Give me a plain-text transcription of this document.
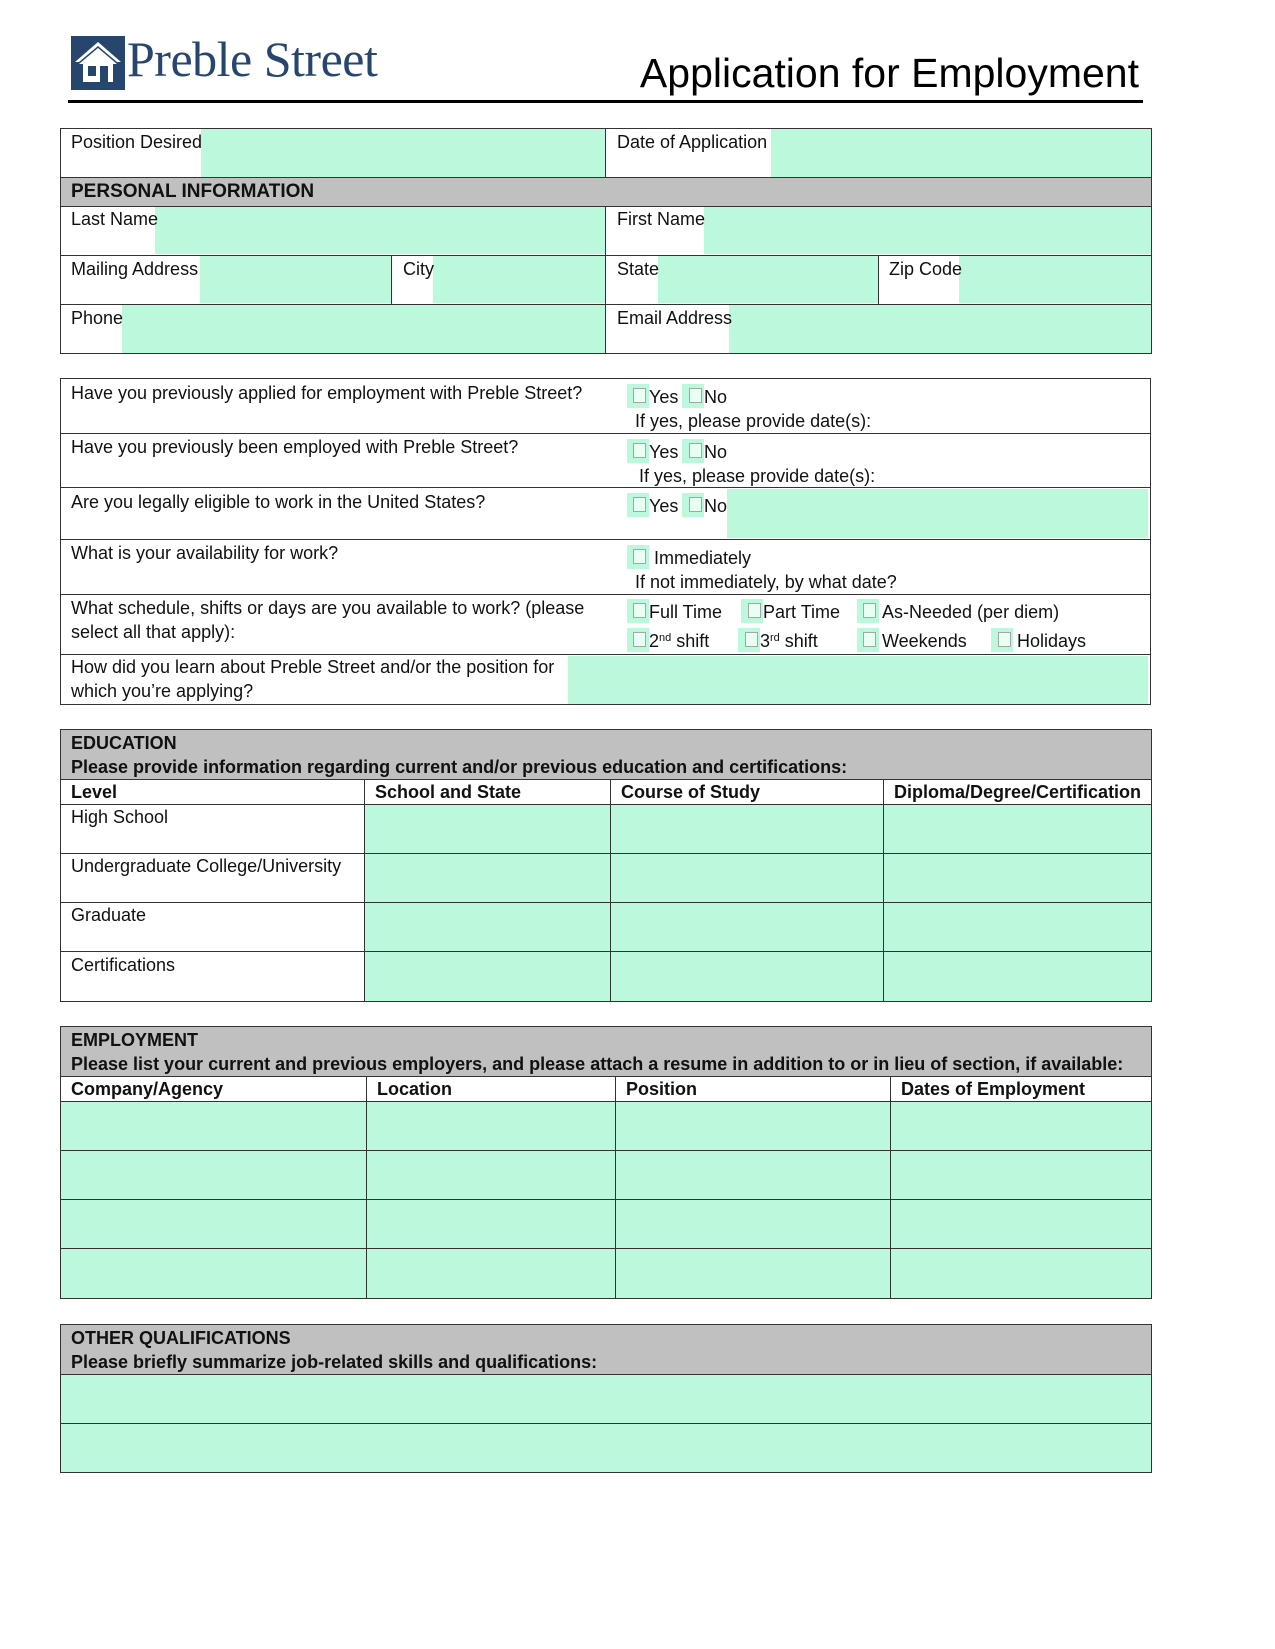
Preble Street	Application for Employment
Position Desired	Date of Application
PERSONAL INFORMATION
Last Name	First Name
Mailing Address	City	State	Zip Code
Phone	Email Address
Have you previously applied for employment with Preble Street?	Yes No
If yes, please provide date(s):
Have you previously been employed with Preble Street?	Yes No
If yes, please provide date(s):
Are you legally eligible to work in the United States?	Yes No
What is your availability for work?	Immediately
If not immediately, by what date?
What schedule, shifts or days are you available to work? (please
select all that apply):
Full Time Part Time As-Needed (per diem)
2nd shift	3rd shift	Weekends	Holidays
How did you learn about Preble Street and/or the position for
which you’re applying?
EDUCATION
Please provide information regarding current and/or previous education and certifications:
Level	School and State	Course of Study	Diploma/Degree/Certification
High School
Undergraduate College/University
Graduate
Certifications
EMPLOYMENT
Please list your current and previous employers, and please attach a resume in addition to or in lieu of section, if available:
Company/Agency	Location	Position	Dates of Employment
OTHER QUALIFICATIONS
Please briefly summarize job-related skills and qualifications:
